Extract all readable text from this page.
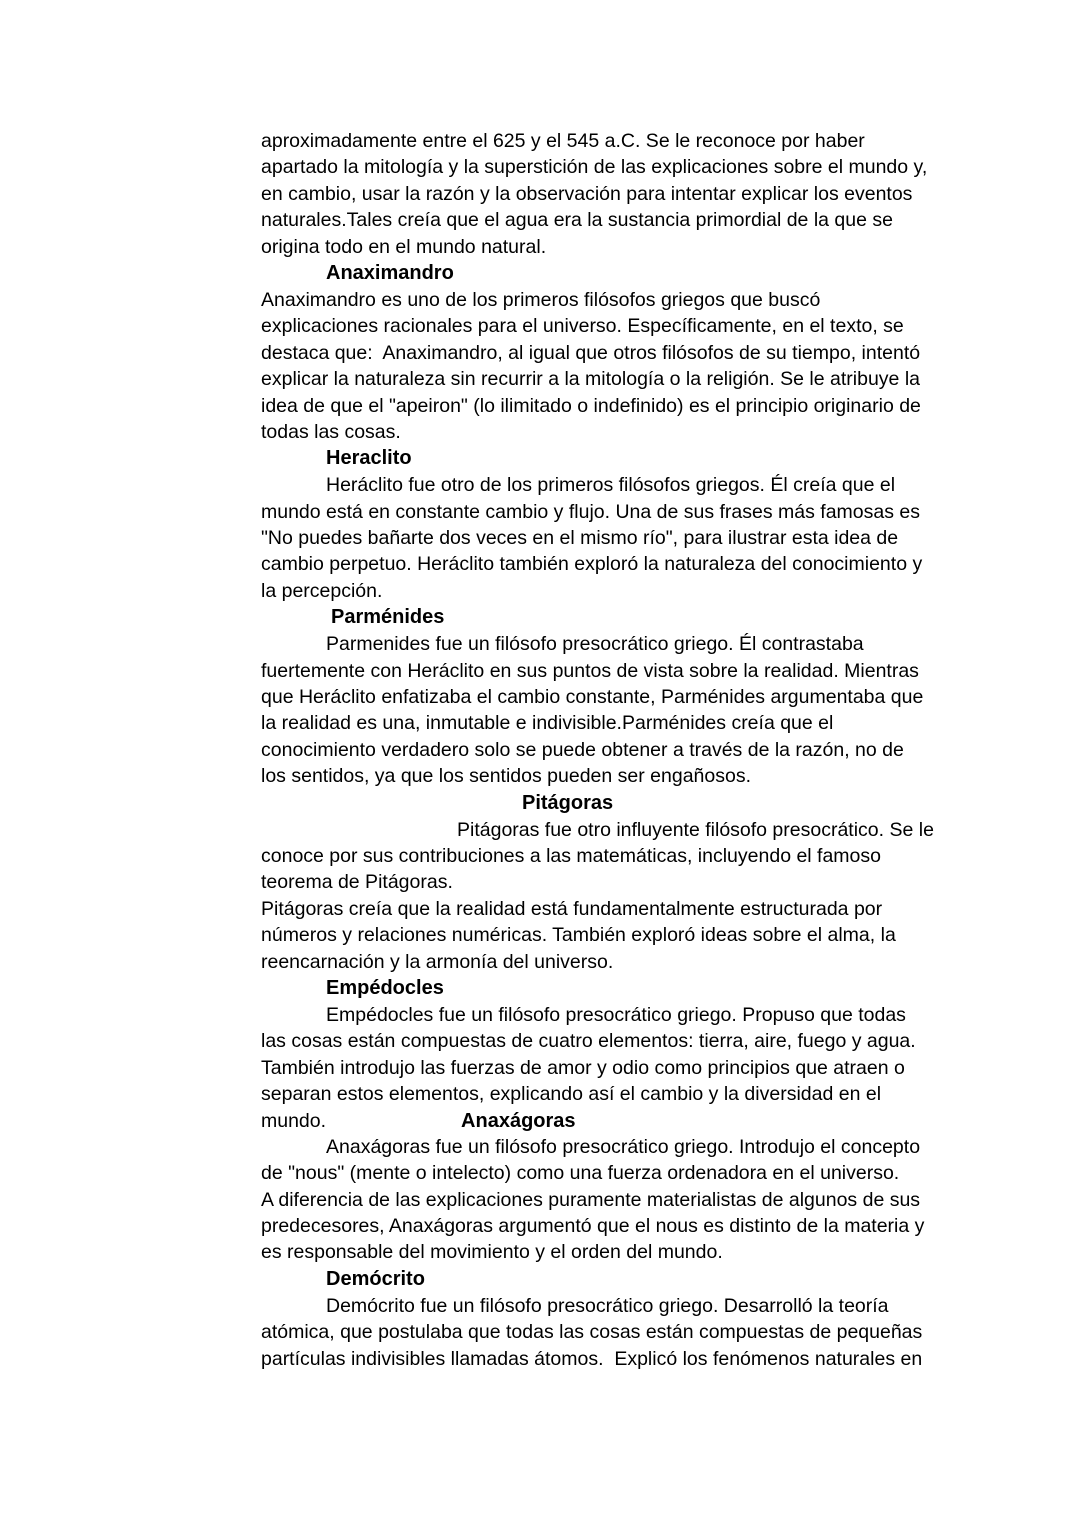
aproximadamente entre el 625 y el 545 a.C. Se le reconoce por haber

apartado la mitología y la superstición de las explicaciones sobre el mundo y,

en cambio, usar la razón y la observación para intentar explicar los eventos

naturales.Tales creía que el agua era la sustancia primordial de la que se

origina todo en el mundo natural.

Anaximandro

Anaximandro es uno de los primeros filósofos griegos que buscó

explicaciones racionales para el universo. Específicamente, en el texto, se

destaca que:  Anaximandro, al igual que otros filósofos de su tiempo, intentó

explicar la naturaleza sin recurrir a la mitología o la religión. Se le atribuye la

idea de que el "apeiron" (lo ilimitado o indefinido) es el principio originario de

todas las cosas.

Heraclito

Heráclito fue otro de los primeros filósofos griegos. Él creía que el

mundo está en constante cambio y flujo. Una de sus frases más famosas es

"No puedes bañarte dos veces en el mismo río", para ilustrar esta idea de

cambio perpetuo. Heráclito también exploró la naturaleza del conocimiento y

la percepción.

Parménides

Parmenides fue un filósofo presocrático griego. Él contrastaba

fuertemente con Heráclito en sus puntos de vista sobre la realidad. Mientras

que Heráclito enfatizaba el cambio constante, Parménides argumentaba que

la realidad es una, inmutable e indivisible.Parménides creía que el

conocimiento verdadero solo se puede obtener a través de la razón, no de

los sentidos, ya que los sentidos pueden ser engañosos.

Pitágoras

Pitágoras fue otro influyente filósofo presocrático. Se le

conoce por sus contribuciones a las matemáticas, incluyendo el famoso

teorema de Pitágoras.

Pitágoras creía que la realidad está fundamentalmente estructurada por

números y relaciones numéricas. También exploró ideas sobre el alma, la

reencarnación y la armonía del universo.

Empédocles

Empédocles fue un filósofo presocrático griego. Propuso que todas

las cosas están compuestas de cuatro elementos: tierra, aire, fuego y agua.

También introdujo las fuerzas de amor y odio como principios que atraen o

separan estos elementos, explicando así el cambio y la diversidad en el

mundo.	Anaxágoras

Anaxágoras fue un filósofo presocrático griego. Introdujo el concepto

de "nous" (mente o intelecto) como una fuerza ordenadora en el universo.

A diferencia de las explicaciones puramente materialistas de algunos de sus

predecesores, Anaxágoras argumentó que el nous es distinto de la materia y

es responsable del movimiento y el orden del mundo.

Demócrito

Demócrito fue un filósofo presocrático griego. Desarrolló la teoría

atómica, que postulaba que todas las cosas están compuestas de pequeñas

partículas indivisibles llamadas átomos.  Explicó los fenómenos naturales en
